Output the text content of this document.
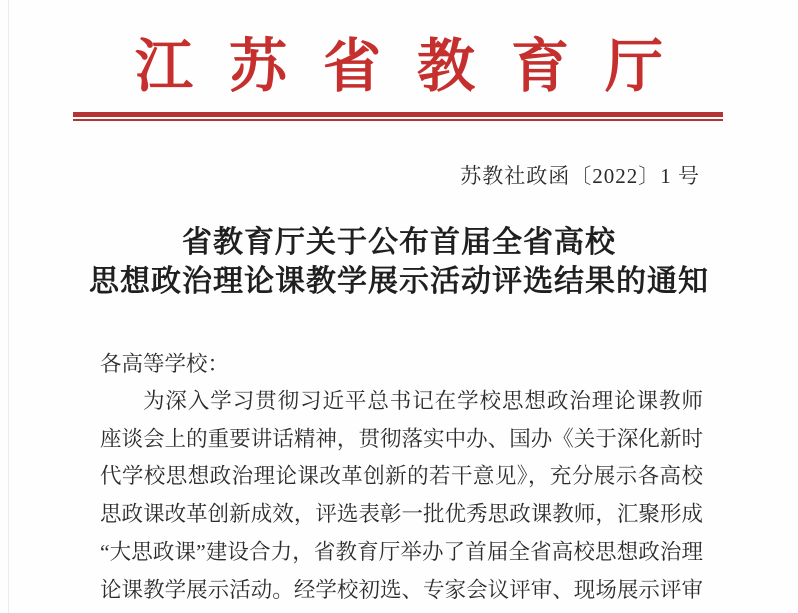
江苏省教育厅
苏教社政函〔2022〕1 号
省教育厅关于公布首届全省高校
思想政治理论课教学展示活动评选结果的通知
各高等学校：
为深入学习贯彻习近平总书记在学校思想政治理论课教师
座谈会上的重要讲话精神，贯彻落实中办、国办《关于深化新时
代学校思想政治理论课改革创新的若干意见》，充分展示各高校
思政课改革创新成效，评选表彰一批优秀思政课教师，汇聚形成
“大思政课”建设合力，省教育厅举办了首届全省高校思想政治理
论课教学展示活动。经学校初选、专家会议评审、现场展示评审
